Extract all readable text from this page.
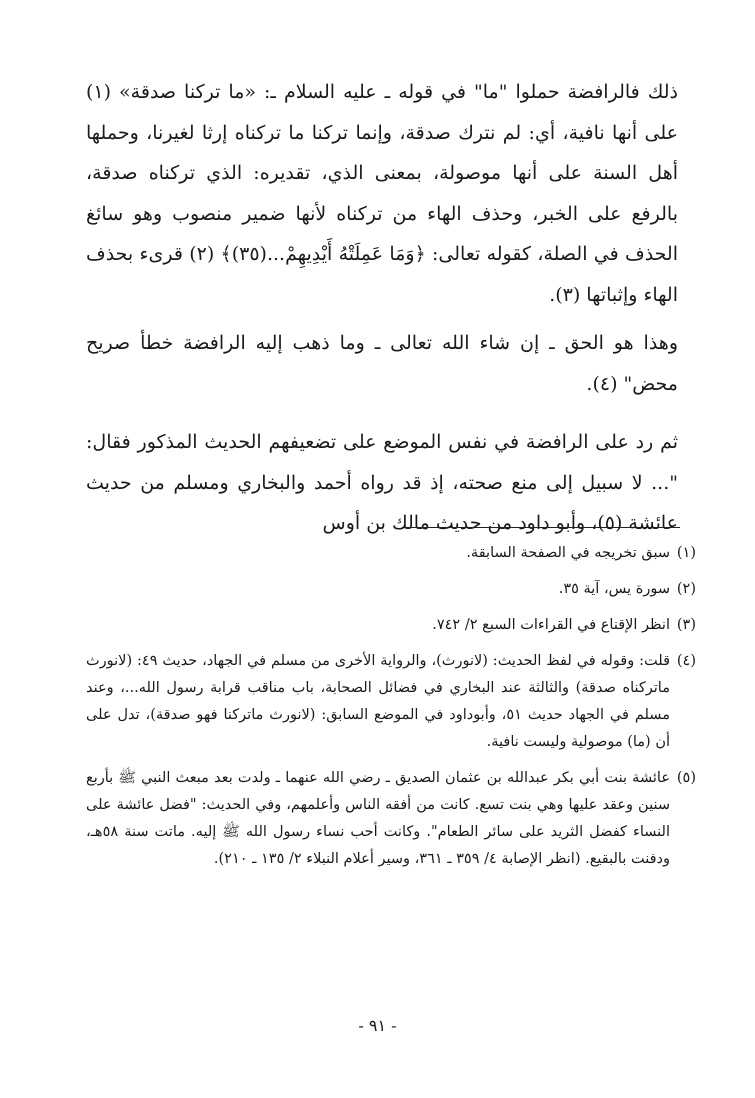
ذلك فالرافضة حملوا "ما" في قوله ـ عليه السلام ـ: «ما تركنا صدقة» (١) على أنها نافية، أي: لم نترك صدقة، وإنما تركنا ما تركناه إرثا لغيرنا، وحملها أهل السنة على أنها موصولة، بمعنى الذي، تقديره: الذي تركناه صدقة، بالرفع على الخبر، وحذف الهاء من تركناه لأنها ضمير منصوب وهو سائغ الحذف في الصلة، كقوله تعالى: ﴿وَمَا عَمِلَتْهُ أَيْدِيهِمْ...(٣٥)﴾ (٢) قرىء بحذف الهاء وإثباتها (٣).

وهذا هو الحق ـ إن شاء الله تعالى ـ وما ذهب إليه الرافضة خطأ صريح محض" (٤).

ثم رد على الرافضة في نفس الموضع على تضعيفهم الحديث المذكور فقال: "... لا سبيل إلى منع صحته، إذ قد رواه أحمد والبخاري ومسلم من حديث عائشة (٥)، وأبو داود من حديث مالك بن أوس

(١)
سبق تخريجه في الصفحة السابقة.

(٢)
سورة يس، آية ٣٥.

(٣)
انظر الإقناع في القراءات السبع ٢/ ٧٤٢.

(٤)
قلت: وقوله في لفظ الحديث: (لانورث)، والرواية الأخرى من مسلم في الجهاد، حديث ٤٩: (لانورث ماتركناه صدقة) والثالثة عند البخاري في فضائل الصحابة، باب مناقب قرابة رسول الله...، وعند مسلم في الجهاد حديث ٥١، وأبوداود في الموضع السابق: (لانورث ماتركنا فهو صدقة)، تدل على أن (ما) موصولية وليست نافية.

(٥)
عائشة بنت أبي بكر عبدالله بن عثمان الصديق ـ رضي الله عنهما ـ ولدت بعد مبعث النبي ﷺ بأربع سنين وعقد عليها وهي بنت تسع. كانت من أفقه الناس وأعلمهم، وفي الحديث: "فضل عائشة على النساء كفضل الثريد على سائر الطعام". وكانت أحب نساء رسول الله ﷺ إليه. ماتت سنة ٥٨هـ، ودفنت بالبقيع. (انظر الإصابة ٤/ ٣٥٩ ـ ٣٦١، وسير أعلام النبلاء ٢/ ١٣٥ ـ ٢١٠).

- ٩١ -
